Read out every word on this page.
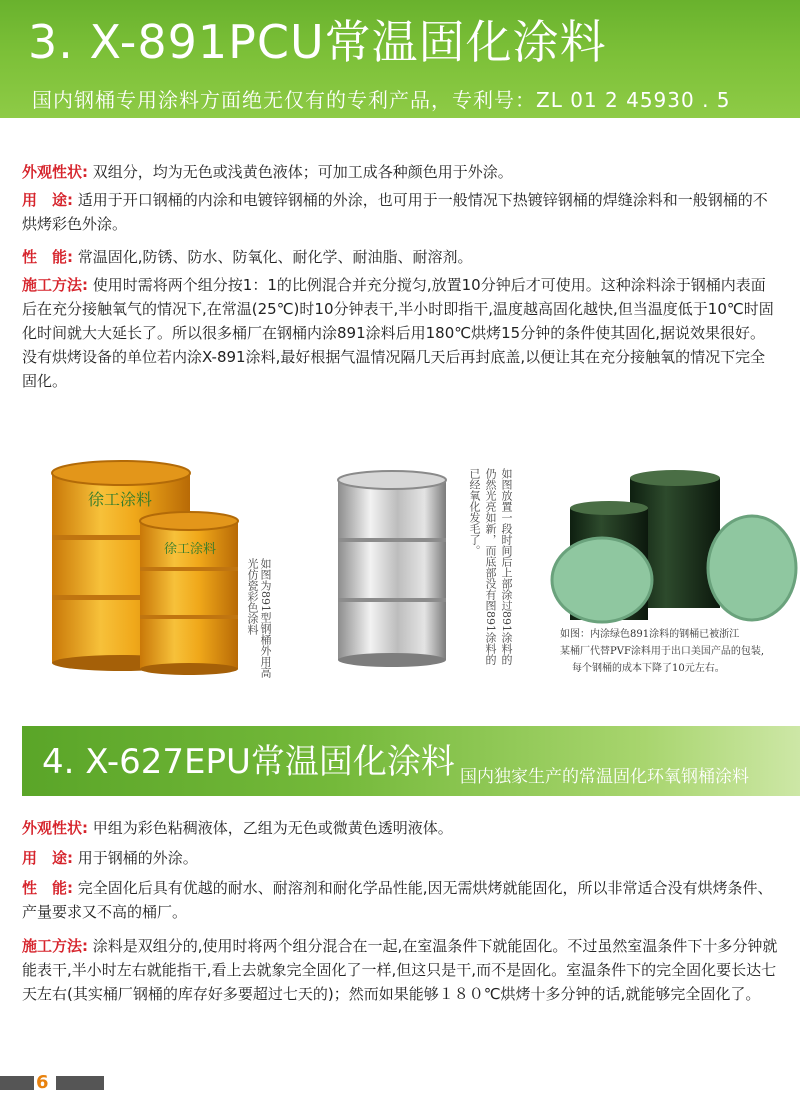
3. X-891PCU常温固化涂料
国内钢桶专用涂料方面绝无仅有的专利产品，专利号：ZL 01 2 45930 . 5
外观性状: 双组分，均为无色或浅黄色液体；可加工成各种颜色用于外涂。
用　途: 适用于开口钢桶的内涂和电镀锌钢桶的外涂，也可用于一般情况下热镀锌钢桶的焊缝涂料和一般钢桶的不烘烤彩色外涂。
性　能: 常温固化,防锈、防水、防氧化、耐化学、耐油脂、耐溶剂。
施工方法: 使用时需将两个组分按1：1的比例混合并充分搅匀,放置10分钟后才可使用。这种涂料涂于钢桶内表面后在充分接触氧气的情况下,在常温(25℃)时10分钟表干,半小时即指干,温度越高固化越快,但当温度低于10℃时固化时间就大大延长了。所以很多桶厂在钢桶内涂891涂料后用180℃烘烤15分钟的条件使其固化,据说效果很好。没有烘烤设备的单位若内涂X-891涂料,最好根据气温情况隔几天后再封底盖,以便让其在充分接触氧的情况下完全固化。
徐工涂料
徐工涂料
如图为891型钢桶外用高光仿瓷彩色涂料	如图放置一段时间后上部涂过891涂料的
仍然光亮如新，而底部没有图891涂料的
已经氧化发毛了。
如图：内涂绿色891涂料的钢桶已被浙江
某桶厂代替PVF涂料用于出口美国产品的包装,
每个钢桶的成本下降了10元左右。
4. X-627EPU常温固化涂料 国内独家生产的常温固化环氧钢桶涂料
外观性状: 甲组为彩色粘稠液体，乙组为无色或微黄色透明液体。
用　途: 用于钢桶的外涂。
性　能: 完全固化后具有优越的耐水、耐溶剂和耐化学品性能,因无需烘烤就能固化，所以非常适合没有烘烤条件、产量要求又不高的桶厂。
施工方法: 涂料是双组分的,使用时将两个组分混合在一起,在室温条件下就能固化。不过虽然室温条件下十多分钟就能表干,半小时左右就能指干,看上去就象完全固化了一样,但这只是干,而不是固化。室温条件下的完全固化要长达七天左右(其实桶厂钢桶的库存好多要超过七天的)；然而如果能够１８０℃烘烤十多分钟的话,就能够完全固化了。
6
